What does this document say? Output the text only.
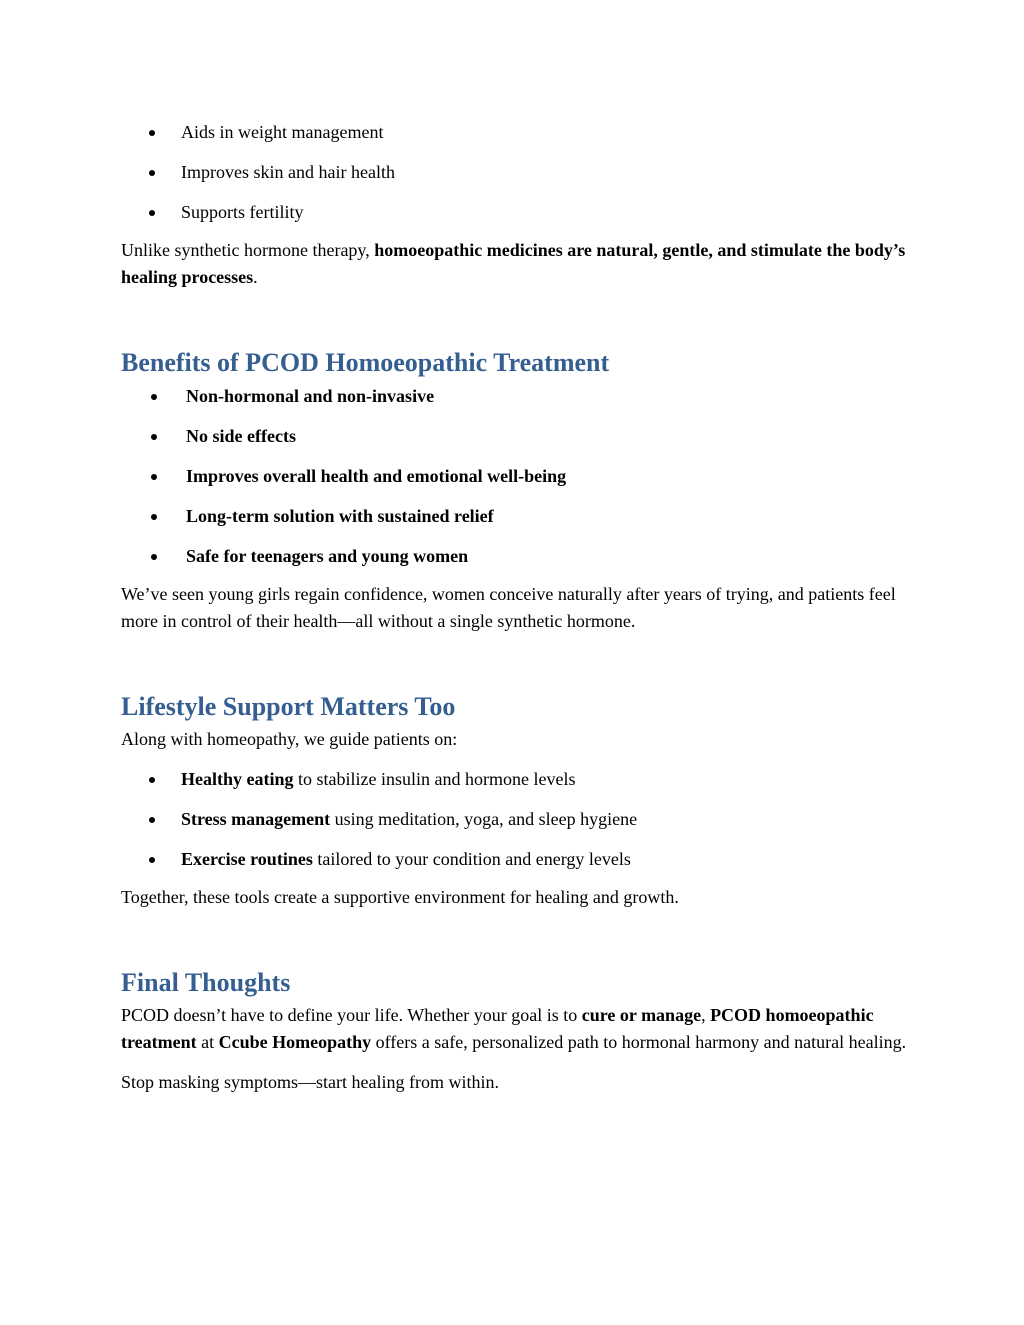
Aids in weight management
Improves skin and hair health
Supports fertility

Unlike synthetic hormone therapy, homoeopathic medicines are natural, gentle, and stimulate the body’s healing processes.

Benefits of PCOD Homoeopathic Treatment
Non-hormonal and non-invasive
No side effects
Improves overall health and emotional well-being
Long-term solution with sustained relief
Safe for teenagers and young women

We’ve seen young girls regain confidence, women conceive naturally after years of trying, and patients feel more in control of their health—all without a single synthetic hormone.

Lifestyle Support Matters Too

Along with homeopathy, we guide patients on:

Healthy eating to stabilize insulin and hormone levels
Stress management using meditation, yoga, and sleep hygiene
Exercise routines tailored to your condition and energy levels

Together, these tools create a supportive environment for healing and growth.

Final Thoughts

PCOD doesn’t have to define your life. Whether your goal is to cure or manage, PCOD homoeopathic treatment at Ccube Homeopathy offers a safe, personalized path to hormonal harmony and natural healing.

Stop masking symptoms—start healing from within.
